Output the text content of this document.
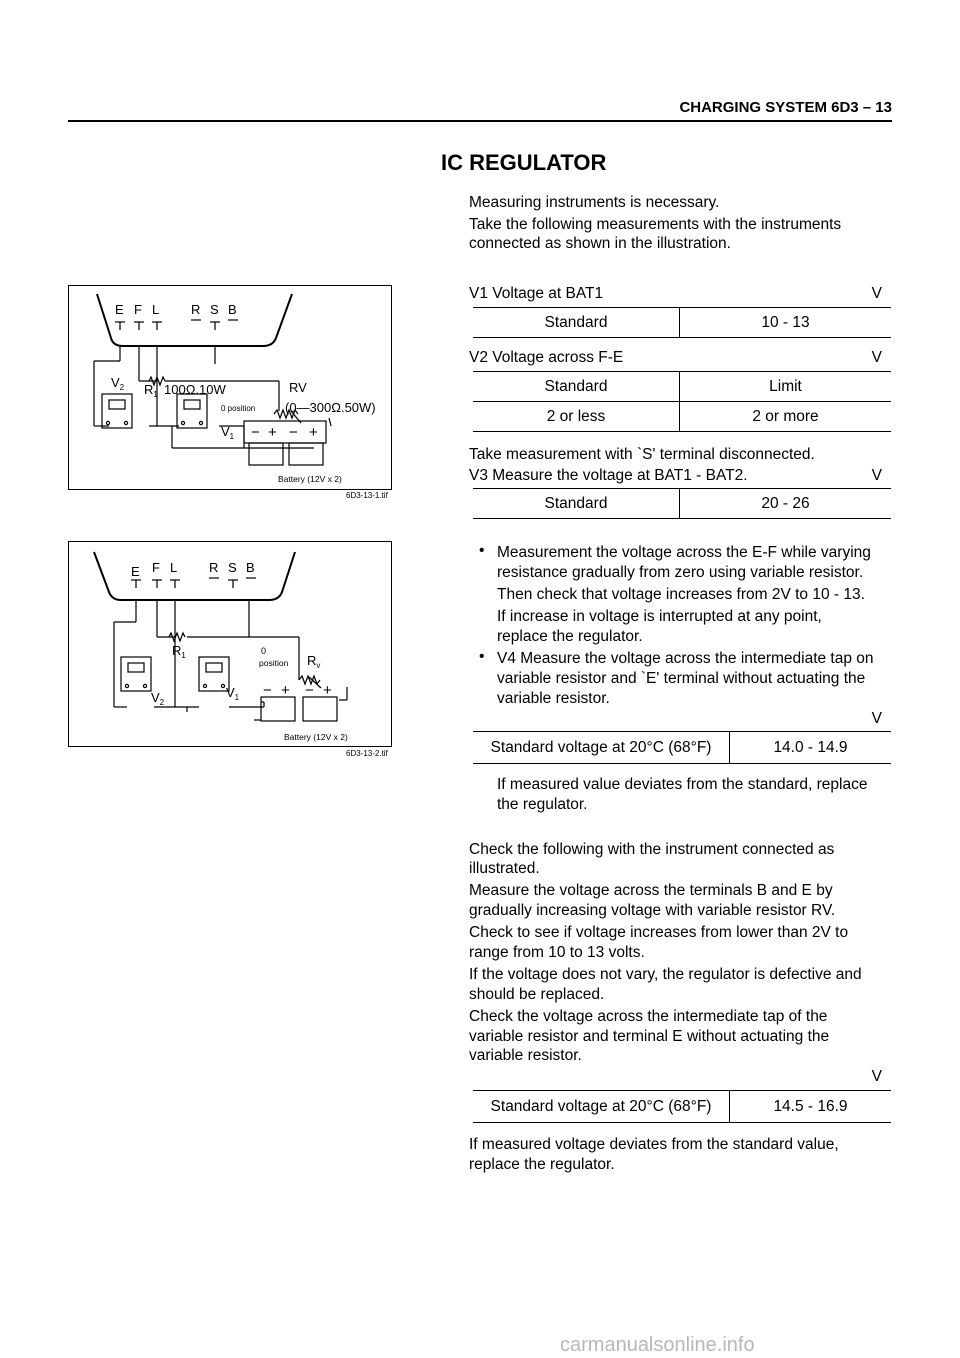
CHARGING SYSTEM 6D3 – 13
IC REGULATOR
Measuring instruments is necessary.
Take the following measurements with the instruments
connected as shown in the illustration.
V1 Voltage at BAT1	V
Standard	10 - 13
V2 Voltage across F-E	V
Standard	Limit
2 or less	2 or more
Take measurement with `S' terminal disconnected.
V3 Measure the voltage at BAT1 - BAT2.	V
Standard	20 - 26
• Measurement the voltage across the E-F while varying
resistance gradually from zero using variable resistor.
Then check that voltage increases from 2V to 10 - 13.
If increase in voltage is interrupted at any point,
replace the regulator.
• V4 Measure the voltage across the intermediate tap on
variable resistor and `E' terminal without actuating the
variable resistor.
V
Standard voltage at 20°C (68°F)	14.0 - 14.9
If measured value deviates from the standard, replace
the regulator.
Check the following with the instrument connected as
illustrated.
Measure the voltage across the terminals B and E by
gradually increasing voltage with variable resistor RV.
Check to see if voltage increases from lower than 2V to
range from 10 to 13 volts.
If the voltage does not vary, the regulator is defective and
should be replaced.
Check the voltage across the intermediate tap of the
variable resistor and terminal E without actuating the
variable resistor.
V
Standard voltage at 20°C (68°F)	14.5 - 16.9
If measured voltage deviates from the standard value,
replace the regulator.
E F L R S B
− + − +
$V_2$ $R_1$ 100Ω.10W	RV
(0—300Ω.50W)
$V_1$
0 position
Battery (12V x 2)
6D3-13-1.tif
E F L R S B
− + − +
$R_1$	$R_v$
$V_2$
$V_1$
0
position
Battery (12V x 2)
6D3-13-2.tif
carmanualsonline.info
